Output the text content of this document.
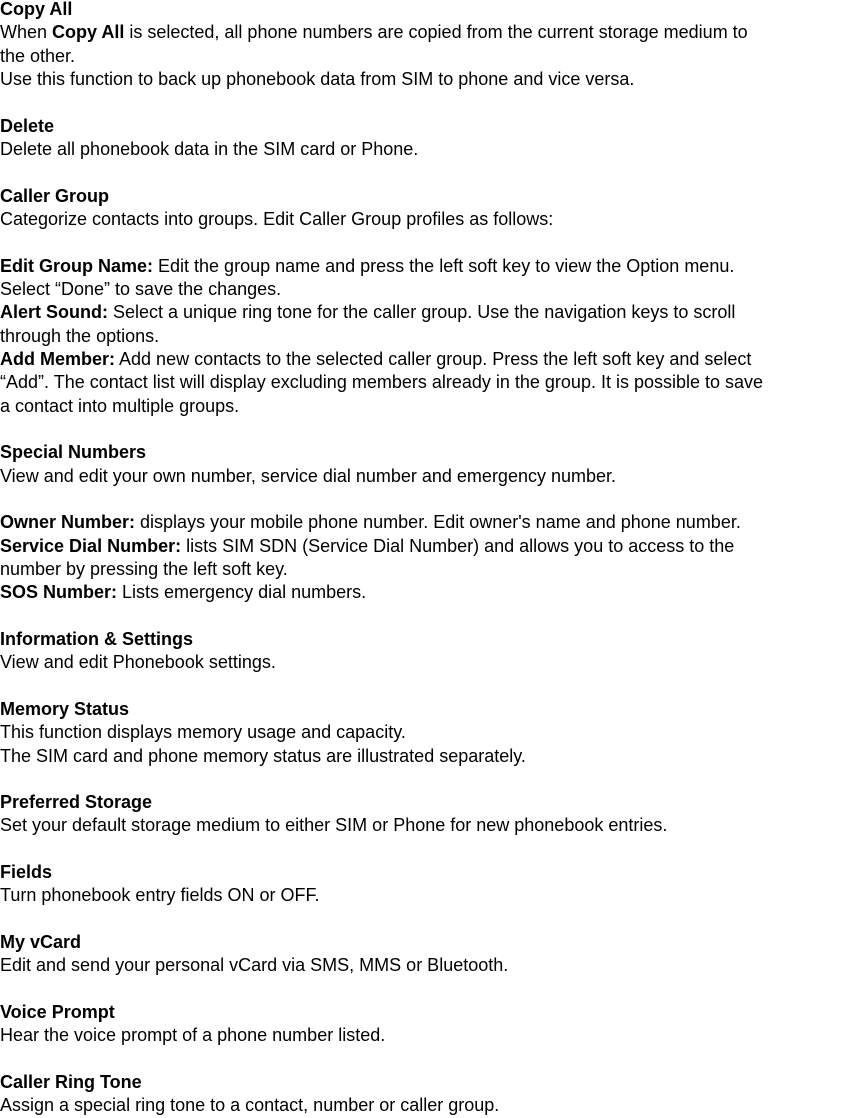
Copy All
When Copy All is selected, all phone numbers are copied from the current storage medium to
the other.
Use this function to back up phonebook data from SIM to phone and vice versa.
Delete
Delete all phonebook data in the SIM card or Phone.
Caller Group
Categorize contacts into groups. Edit Caller Group profiles as follows:
Edit Group Name: Edit the group name and press the left soft key to view the Option menu.
Select “Done” to save the changes.
Alert Sound: Select a unique ring tone for the caller group. Use the navigation keys to scroll
through the options.
Add Member: Add new contacts to the selected caller group. Press the left soft key and select
“Add”. The contact list will display excluding members already in the group. It is possible to save
a contact into multiple groups.
Special Numbers
View and edit your own number, service dial number and emergency number.
Owner Number: displays your mobile phone number. Edit owner's name and phone number.
Service Dial Number: lists SIM SDN (Service Dial Number) and allows you to access to the
number by pressing the left soft key.
SOS Number: Lists emergency dial numbers.
Information & Settings
View and edit Phonebook settings.
Memory Status
This function displays memory usage and capacity.
The SIM card and phone memory status are illustrated separately.
Preferred Storage
Set your default storage medium to either SIM or Phone for new phonebook entries.
Fields
Turn phonebook entry fields ON or OFF.
My vCard
Edit and send your personal vCard via SMS, MMS or Bluetooth.
Voice Prompt
Hear the voice prompt of a phone number listed.
Caller Ring Tone
Assign a special ring tone to a contact, number or caller group.
